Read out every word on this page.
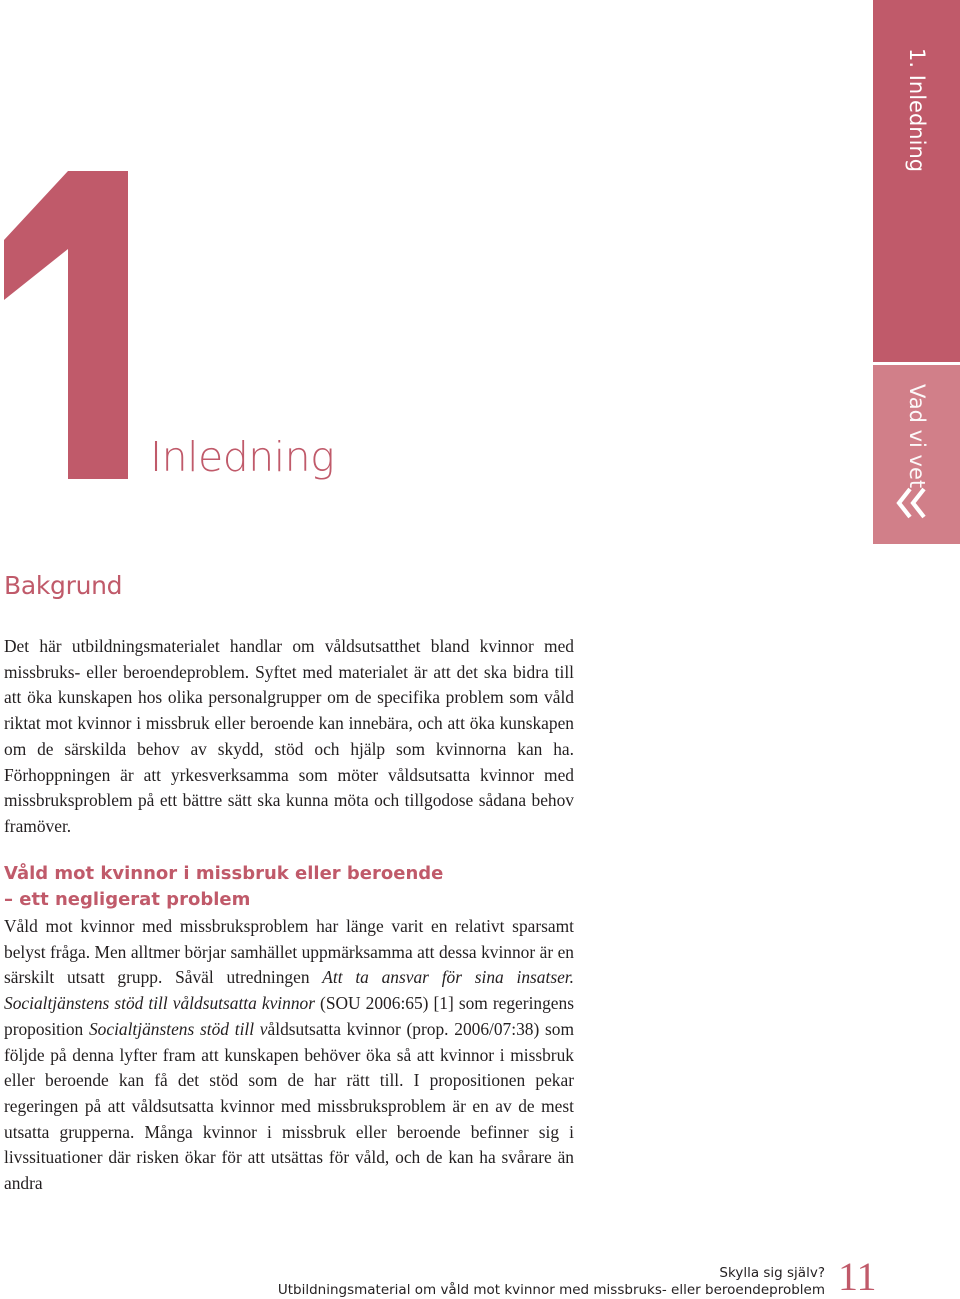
Inledning
1. Inledning
Vad vi vet
Bakgrund

Det här utbildningsmaterialet handlar om våldsutsatthet bland kvinnor med missbruks- eller beroendeproblem. Syftet med materialet är att det ska bidra till att öka kunskapen hos olika personalgrupper om de specifika problem som våld riktat mot kvinnor i missbruk eller beroende kan innebära, och att öka kunskapen om de särskilda behov av skydd, stöd och hjälp som kvinnorna kan ha. Förhoppningen är att yrkesverksamma som möter våldsutsatta kvinnor med missbruksproblem på ett bättre sätt ska kunna möta och tillgodose sådana behov framöver.

Våld mot kvinnor i missbruk eller beroende
– ett negligerat problem

Våld mot kvinnor med missbruksproblem har länge varit en relativt sparsamt belyst fråga. Men alltmer börjar samhället uppmärksamma att dessa kvinnor är en särskilt utsatt grupp. Såväl utredningen Att ta ansvar för sina insatser. Socialtjänstens stöd till våldsutsatta kvinnor (SOU 2006:65) [1] som regeringens proposition Socialtjänstens stöd till våldsutsatta kvinnor (prop. 2006/07:38) som följde på denna lyfter fram att kunskapen behöver öka så att kvinnor i missbruk eller beroende kan få det stöd som de har rätt till. I propositionen pekar regeringen på att våldsutsatta kvinnor med missbruksproblem är en av de mest utsatta grupperna. Många kvinnor i missbruk eller beroende befinner sig i livssituationer där risken ökar för att utsättas för våld, och de kan ha svårare än andra

Skylla sig själv?
Utbildningsmaterial om våld mot kvinnor med missbruks- eller beroendeproblem 11
